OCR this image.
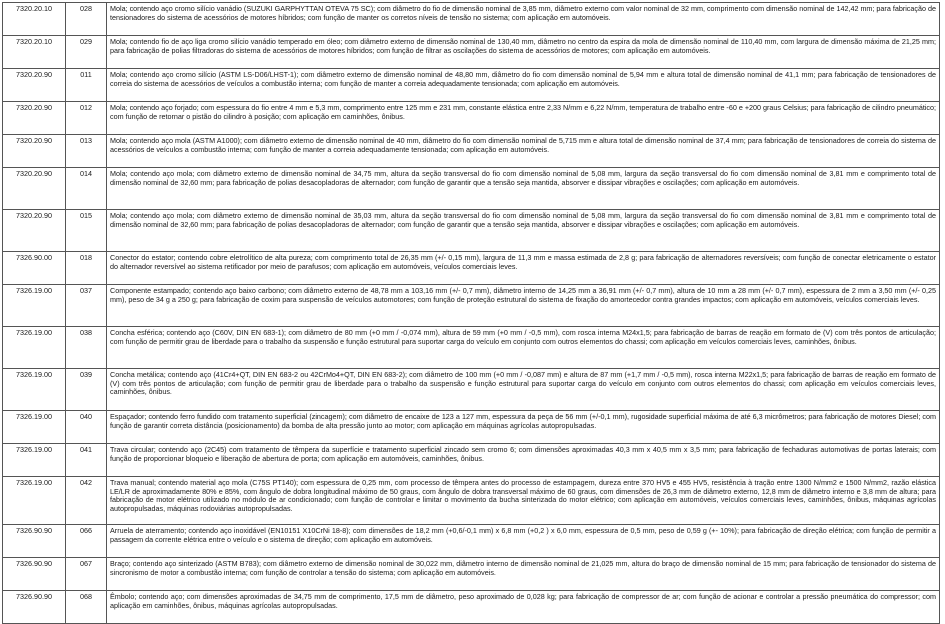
7320.20.10	028	Mola; contendo aço cromo silício vanádio (SUZUKI GARPHYTTAN OTEVA 75 SC); com diâmetro do fio de dimensão nominal de 3,85 mm, diâmetro externo com valor nominal de 32 mm, comprimento com dimensão nominal de 142,42 mm; para fabricação de tensionadores do sistema de acessórios de motores híbridos; com função de manter os corretos níveis de tensão no sistema; com aplicação em automóveis.
7320.20.10	029	Mola; contendo fio de aço liga cromo silício vanádio temperado em óleo; com diâmetro externo de dimensão nominal de 130,40 mm, diâmetro no centro da espira da mola de dimensão nominal de 110,40 mm, com largura de dimensão máxima de 21,25 mm; para fabricação de polias filtradoras do sistema de acessórios de motores híbridos; com função de filtrar as oscilações do sistema de acessórios de motores; com aplicação em automóveis.
7320.20.90	011	Mola; contendo aço cromo silício (ASTM LS-D06/LHST-1); com diâmetro externo de dimensão nominal de 48,80 mm, diâmetro do fio com dimensão nominal de 5,94 mm e altura total de dimensão nominal de 41,1 mm; para fabricação de tensionadores de correia do sistema de acessórios de veículos a combustão interna; com função de manter a correia adequadamente tensionada; com aplicação em automóveis.
7320.20.90	012	Mola; contendo aço forjado; com espessura do fio entre 4 mm e 5,3 mm, comprimento entre 125 mm e 231 mm, constante elástica entre 2,33 N/mm e 6,22 N/mm, temperatura de trabalho entre -60 e +200 graus Celsius; para fabricação de cilindro pneumático; com função de retornar o pistão do cilindro à posição; com aplicação em caminhões, ônibus.
7320.20.90	013	Mola; contendo aço mola (ASTM A1000); com diâmetro externo de dimensão nominal de 40 mm, diâmetro do fio com dimensão nominal de 5,715 mm e altura total de dimensão nominal de 37,4 mm; para fabricação de tensionadores de correia do sistema de acessórios de veículos a combustão interna; com função de manter a correia adequadamente tensionada; com aplicação em automóveis.
7320.20.90	014	Mola; contendo aço mola; com diâmetro externo de dimensão nominal de 34,75 mm, altura da seção transversal do fio com dimensão nominal de 5,08 mm, largura da seção transversal do fio com dimensão nominal de 3,81 mm e comprimento total de dimensão nominal de 32,60 mm; para fabricação de polias desacopladoras de alternador; com função de garantir que a tensão seja mantida, absorver e dissipar vibrações e oscilações; com aplicação em automóveis.
7320.20.90	015	Mola; contendo aço mola; com diâmetro externo de dimensão nominal de 35,03 mm, altura da seção transversal do fio com dimensão nominal de 5,08 mm, largura da seção transversal do fio com dimensão nominal de 3,81 mm e comprimento total de dimensão nominal de 32,60 mm; para fabricação de polias desacopladoras de alternador; com função de garantir que a tensão seja mantida, absorver e dissipar vibrações e oscilações; com aplicação em automóveis.
7326.90.00	018	Conector do estator; contendo cobre eletrolítico de alta pureza; com comprimento total de 26,35 mm (+/- 0,15 mm), largura de 11,3 mm e massa estimada de 2,8 g; para fabricação de alternadores reversíveis; com função de conectar eletricamente o estator do alternador reversível ao sistema retificador por meio de parafusos; com aplicação em automóveis, veículos comerciais leves.
7326.19.00	037	Componente estampado; contendo aço baixo carbono; com diâmetro externo de 48,78 mm a 103,16 mm (+/- 0,7 mm), diâmetro interno de 14,25 mm a 36,91 mm (+/- 0,7 mm), altura de 10 mm a 28 mm (+/- 0,7 mm), espessura de 2 mm a 3,50 mm (+/- 0,25 mm), peso de 34 g a 250 g; para fabricação de coxim para suspensão de veículos automotores; com função de proteção estrutural do sistema de fixação do amortecedor contra grandes impactos; com aplicação em automóveis, veículos comerciais leves.
7326.19.00	038	Concha esférica; contendo aço (C60V, DIN EN 683-1); com diâmetro de 80 mm (+0 mm / -0,074 mm), altura de 59 mm (+0 mm / -0,5 mm), com rosca interna M24x1,5; para fabricação de barras de reação em formato de (V) com três pontos de articulação; com função de permitir grau de liberdade para o trabalho da suspensão e função estrutural para suportar carga do veículo em conjunto com outros elementos do chassi; com aplicação em veículos comerciais leves, caminhões, ônibus.
7326.19.00	039	Concha metálica; contendo aço (41Cr4+QT, DIN EN 683-2 ou 42CrMo4+QT, DIN EN 683-2); com diâmetro de 100 mm (+0 mm / -0,087 mm) e altura de 87 mm (+1,7 mm / -0,5 mm), rosca interna M22x1,5; para fabricação de barras de reação em formato de (V) com três pontos de articulação; com função de permitir grau de liberdade para o trabalho da suspensão e função estrutural para suportar carga do veículo em conjunto com outros elementos do chassi; com aplicação em veículos comerciais leves, caminhões, ônibus.
7326.19.00	040	Espaçador; contendo ferro fundido com tratamento superficial (zincagem); com diâmetro de encaixe de 123 a 127 mm, espessura da peça de 56 mm (+/-0,1 mm), rugosidade superficial máxima de até 6,3 micrômetros; para fabricação de motores Diesel; com função de garantir correta distância (posicionamento) da bomba de alta pressão junto ao motor; com aplicação em máquinas agrícolas autopropulsadas.
7326.19.00	041	Trava circular; contendo aço (2C45) com tratamento de têmpera da superfície e tratamento superficial zincado sem cromo 6; com dimensões aproximadas 40,3 mm x 40,5 mm x 3,5 mm; para fabricação de fechaduras automotivas de portas laterais; com função de proporcionar bloqueio e liberação de abertura de porta; com aplicação em automóveis, caminhões, ônibus.
7326.19.00	042	Trava manual; contendo material aço mola (C75S PT140); com espessura de 0,25 mm, com processo de têmpera antes do processo de estampagem, dureza entre 370 HV5 e 455 HV5, resistência à tração entre 1300 N/mm2 e 1500 N/mm2, razão elástica LE/LR de aproximadamente 80% e 85%, com ângulo de dobra longitudinal máximo de 50 graus, com ângulo de dobra transversal máximo de 60 graus, com dimensões de 26,3 mm de diâmetro externo, 12,8 mm de diâmetro interno e 3,8 mm de altura; para fabricação de motor elétrico utilizado no módulo de ar condicionado; com função de controlar e limitar o movimento da bucha sinterizada do motor elétrico; com aplicação em automóveis, veículos comerciais leves, caminhões, ônibus, máquinas agrícolas autopropulsadas, máquinas rodoviárias autopropulsadas.
7326.90.90	066	Arruela de aterramento; contendo aço inoxidável (EN10151 X10CrNi 18-8); com dimensões de 18,2 mm (+0,6/-0,1 mm) x 6,8 mm (+0,2 ) x 6,0 mm, espessura de 0,5 mm, peso de 0,59 g (+- 10%); para fabricação de direção elétrica; com função de permitir a passagem da corrente elétrica entre o veículo e o sistema de direção; com aplicação em automóveis.
7326.90.90	067	Braço; contendo aço sinterizado (ASTM B783); com diâmetro externo de dimensão nominal de 30,022 mm, diâmetro interno de dimensão nominal de 21,025 mm, altura do braço de dimensão nominal de 15 mm; para fabricação de tensionador do sistema de sincronismo de motor a combustão interna; com função de controlar a tensão do sistema; com aplicação em automóveis.
7326.90.90	068	Êmbolo; contendo aço; com dimensões aproximadas de 34,75 mm de comprimento, 17,5 mm de diâmetro, peso aproximado de 0,028 kg; para fabricação de compressor de ar; com função de acionar e controlar a pressão pneumática do compressor; com aplicação em caminhões, ônibus, máquinas agrícolas autopropulsadas.
